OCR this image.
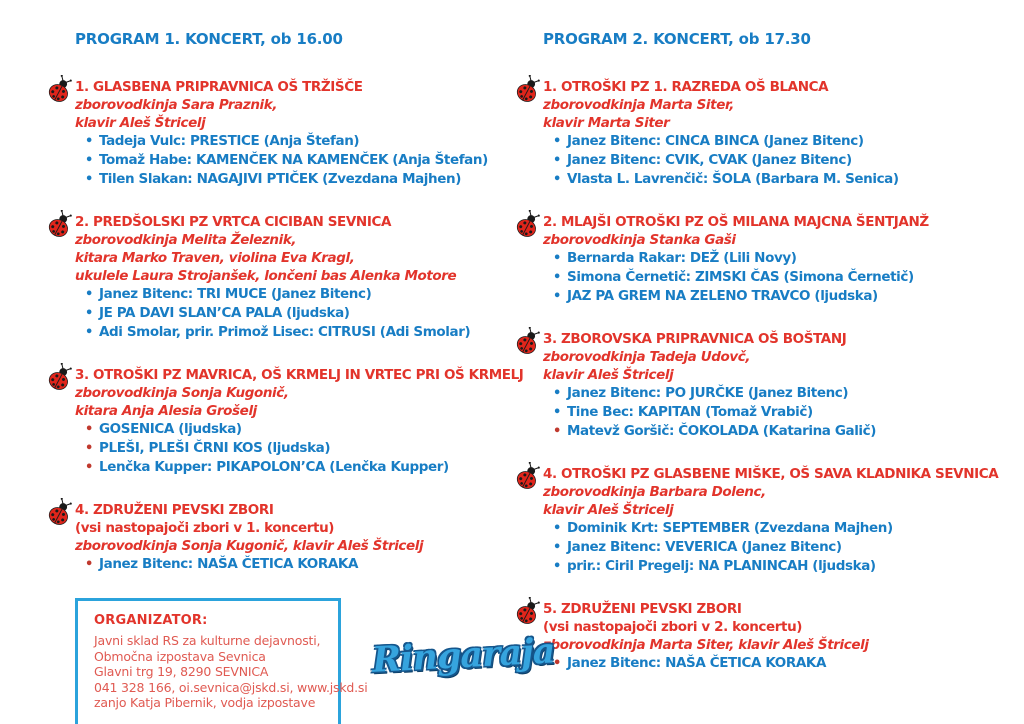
PROGRAM 1. KONCERT, ob 16.00
1. GLASBENA PRIPRAVNICA OŠ TRŽIŠČE
zborovodkinja Sara Praznik,
klavir Aleš Štricelj
• Tadeja Vulc: PRESTICE (Anja Štefan)
• Tomaž Habe: KAMENČEK NA KAMENČEK (Anja Štefan)
• Tilen Slakan: NAGAJIVI PTIČEK (Zvezdana Majhen)
2. PREDŠOLSKI PZ VRTCA CICIBAN SEVNICA
zborovodkinja Melita Železnik,
kitara Marko Traven, violina Eva Kragl,
ukulele Laura Strojanšek, lončeni bas Alenka Motore
• Janez Bitenc: TRI MUCE (Janez Bitenc)
• JE PA DAVI SLAN’CA PALA (ljudska)
• Adi Smolar, prir. Primož Lisec: CITRUSI (Adi Smolar)
3. OTROŠKI PZ MAVRICA, OŠ KRMELJ IN VRTEC PRI OŠ KRMELJ
zborovodkinja Sonja Kugonič,
kitara Anja Alesia Grošelj
• GOSENICA (ljudska)
• PLEŠI, PLEŠI ČRNI KOS (ljudska)
• Lenčka Kupper: PIKAPOLON’CA (Lenčka Kupper)
4. ZDRUŽENI PEVSKI ZBORI
(vsi nastopajoči zbori v 1. koncertu)
zborovodkinja Sonja Kugonič, klavir Aleš Štricelj
• Janez Bitenc: NAŠA ČETICA KORAKA
ORGANIZATOR:
Javni sklad RS za kulturne dejavnosti,
Območna izpostava Sevnica
Glavni trg 19, 8290 SEVNICA
041 328 166, oi.sevnica@jskd.si, www.jskd.si
zanjo Katja Pibernik, vodja izpostave
PROGRAM 2. KONCERT, ob 17.30
1. OTROŠKI PZ 1. RAZREDA OŠ BLANCA
zborovodkinja Marta Siter,
klavir Marta Siter
• Janez Bitenc: CINCA BINCA (Janez Bitenc)
• Janez Bitenc: CVIK, CVAK (Janez Bitenc)
• Vlasta L. Lavrenčič: ŠOLA (Barbara M. Senica)
2. MLAJŠI OTROŠKI PZ OŠ MILANA MAJCNA ŠENTJANŽ
zborovodkinja Stanka Gaši
• Bernarda Rakar: DEŽ (Lili Novy)
• Simona Černetič: ZIMSKI ČAS (Simona Černetič)
• JAZ PA GREM NA ZELENO TRAVCO (ljudska)
3. ZBOROVSKA PRIPRAVNICA OŠ BOŠTANJ
zborovodkinja Tadeja Udovč,
klavir Aleš Štricelj
• Janez Bitenc: PO JURČKE (Janez Bitenc)
• Tine Bec: KAPITAN (Tomaž Vrabič)
• Matevž Goršič: ČOKOLADA (Katarina Galič)
4. OTROŠKI PZ GLASBENE MIŠKE, OŠ SAVA KLADNIKA SEVNICA
zborovodkinja Barbara Dolenc,
klavir Aleš Štricelj
• Dominik Krt: SEPTEMBER (Zvezdana Majhen)
• Janez Bitenc: VEVERICA (Janez Bitenc)
• prir.: Ciril Pregelj: NA PLANINCAH (ljudska)
5. ZDRUŽENI PEVSKI ZBORI
(vsi nastopajoči zbori v 2. koncertu)
zborovodkinja Marta Siter, klavir Aleš Štricelj
• Janez Bitenc: NAŠA ČETICA KORAKA
Ringaraja
